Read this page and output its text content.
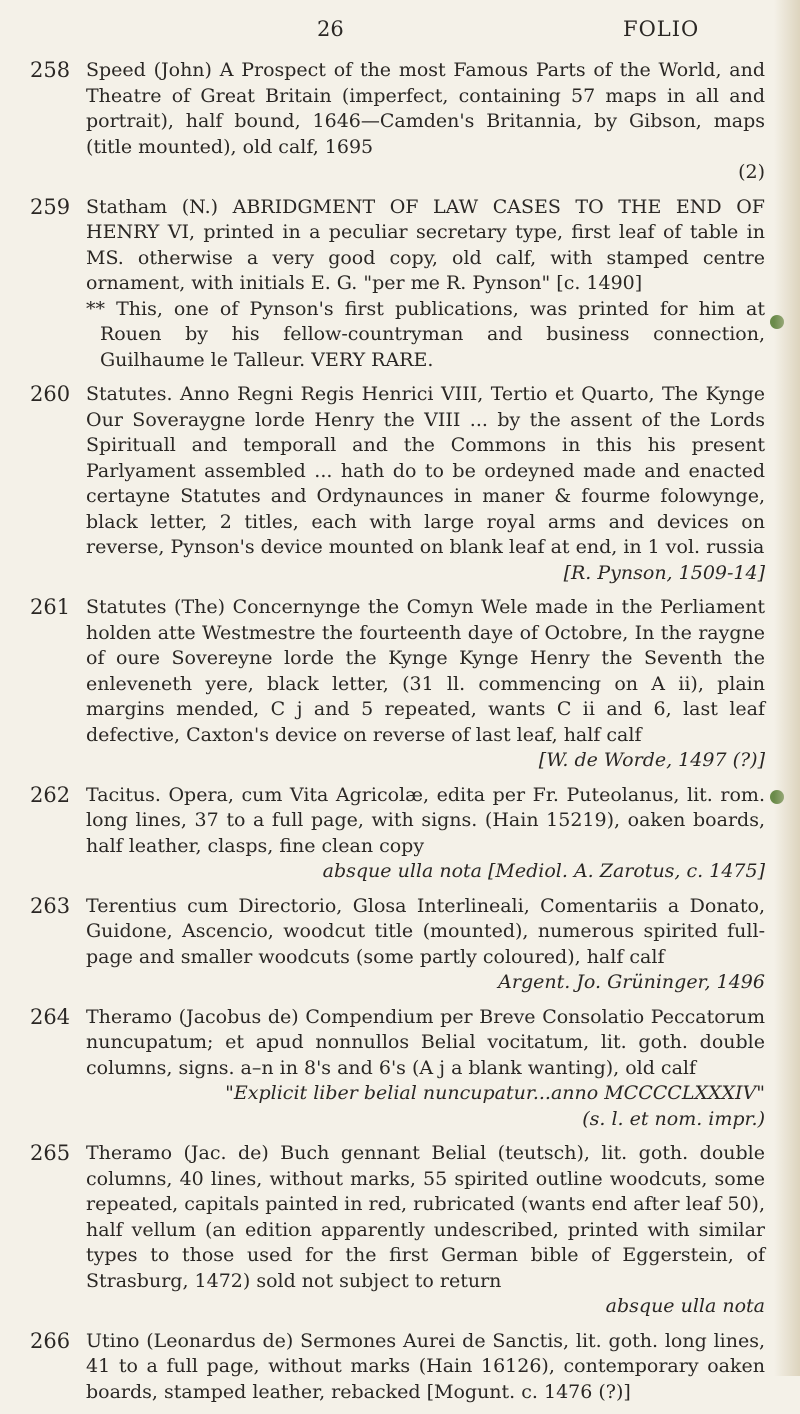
26	FOLIO
258 Speed (John) A Prospect of the most Famous Parts of the World, and Theatre of Great Britain (imperfect, containing 57 maps in all and portrait), half bound, 1646—Camden's Britannia, by Gibson, maps (title mounted), old calf, 1695
(2)
259 Statham (N.) ABRIDGMENT OF LAW CASES TO THE END OF HENRY VI, printed in a peculiar secretary type, first leaf of table in MS. otherwise a very good copy, old calf, with stamped centre ornament, with initials E. G. "per me R. Pynson" [c. 1490]
** This, one of Pynson's first publications, was printed for him at Rouen by his fellow-countryman and business connection, Guilhaume le Talleur. VERY RARE.
260 Statutes. Anno Regni Regis Henrici VIII, Tertio et Quarto, The Kynge Our Soveraygne lorde Henry the VIII ... by the assent of the Lords Spirituall and temporall and the Commons in this his present Parlyament assembled ... hath do to be ordeyned made and enacted certayne Statutes and Ordynaunces in maner & fourme folowynge, black letter, 2 titles, each with large royal arms and devices on reverse, Pynson's device mounted on blank leaf at end, in 1 vol. russia
[R. Pynson, 1509-14]
261 Statutes (The) Concernynge the Comyn Wele made in the Perliament holden atte Westmestre the fourteenth daye of Octobre, In the raygne of oure Sovereyne lorde the Kynge Kynge Henry the Seventh the enleveneth yere, black letter, (31 ll. commencing on A ii), plain margins mended, C j and 5 repeated, wants C ii and 6, last leaf defective, Caxton's device on reverse of last leaf, half calf
[W. de Worde, 1497 (?)]
262 Tacitus. Opera, cum Vita Agricolæ, edita per Fr. Puteolanus, lit. rom. long lines, 37 to a full page, with signs. (Hain 15219), oaken boards, half leather, clasps, fine clean copy
absque ulla nota [Mediol. A. Zarotus, c. 1475]
263 Terentius cum Directorio, Glosa Interlineali, Comentariis a Donato, Guidone, Ascencio, woodcut title (mounted), numerous spirited full-page and smaller woodcuts (some partly coloured), half calf
Argent. Jo. Grüninger, 1496
264 Theramo (Jacobus de) Compendium per Breve Consolatio Peccatorum nuncupatum; et apud nonnullos Belial vocitatum, lit. goth. double columns, signs. a–n in 8's and 6's (A j a blank wanting), old calf
"Explicit liber belial nuncupatur...anno MCCCCLXXXIV"
(s. l. et nom. impr.)
265 Theramo (Jac. de) Buch gennant Belial (teutsch), lit. goth. double columns, 40 lines, without marks, 55 spirited outline woodcuts, some repeated, capitals painted in red, rubricated (wants end after leaf 50), half vellum (an edition apparently undescribed, printed with similar types to those used for the first German bible of Eggerstein, of Strasburg, 1472) sold not subject to return
absque ulla nota
266 Utino (Leonardus de) Sermones Aurei de Sanctis, lit. goth. long lines, 41 to a full page, without marks (Hain 16126), contemporary oaken boards, stamped leather, rebacked [Mogunt. c. 1476 (?)]
